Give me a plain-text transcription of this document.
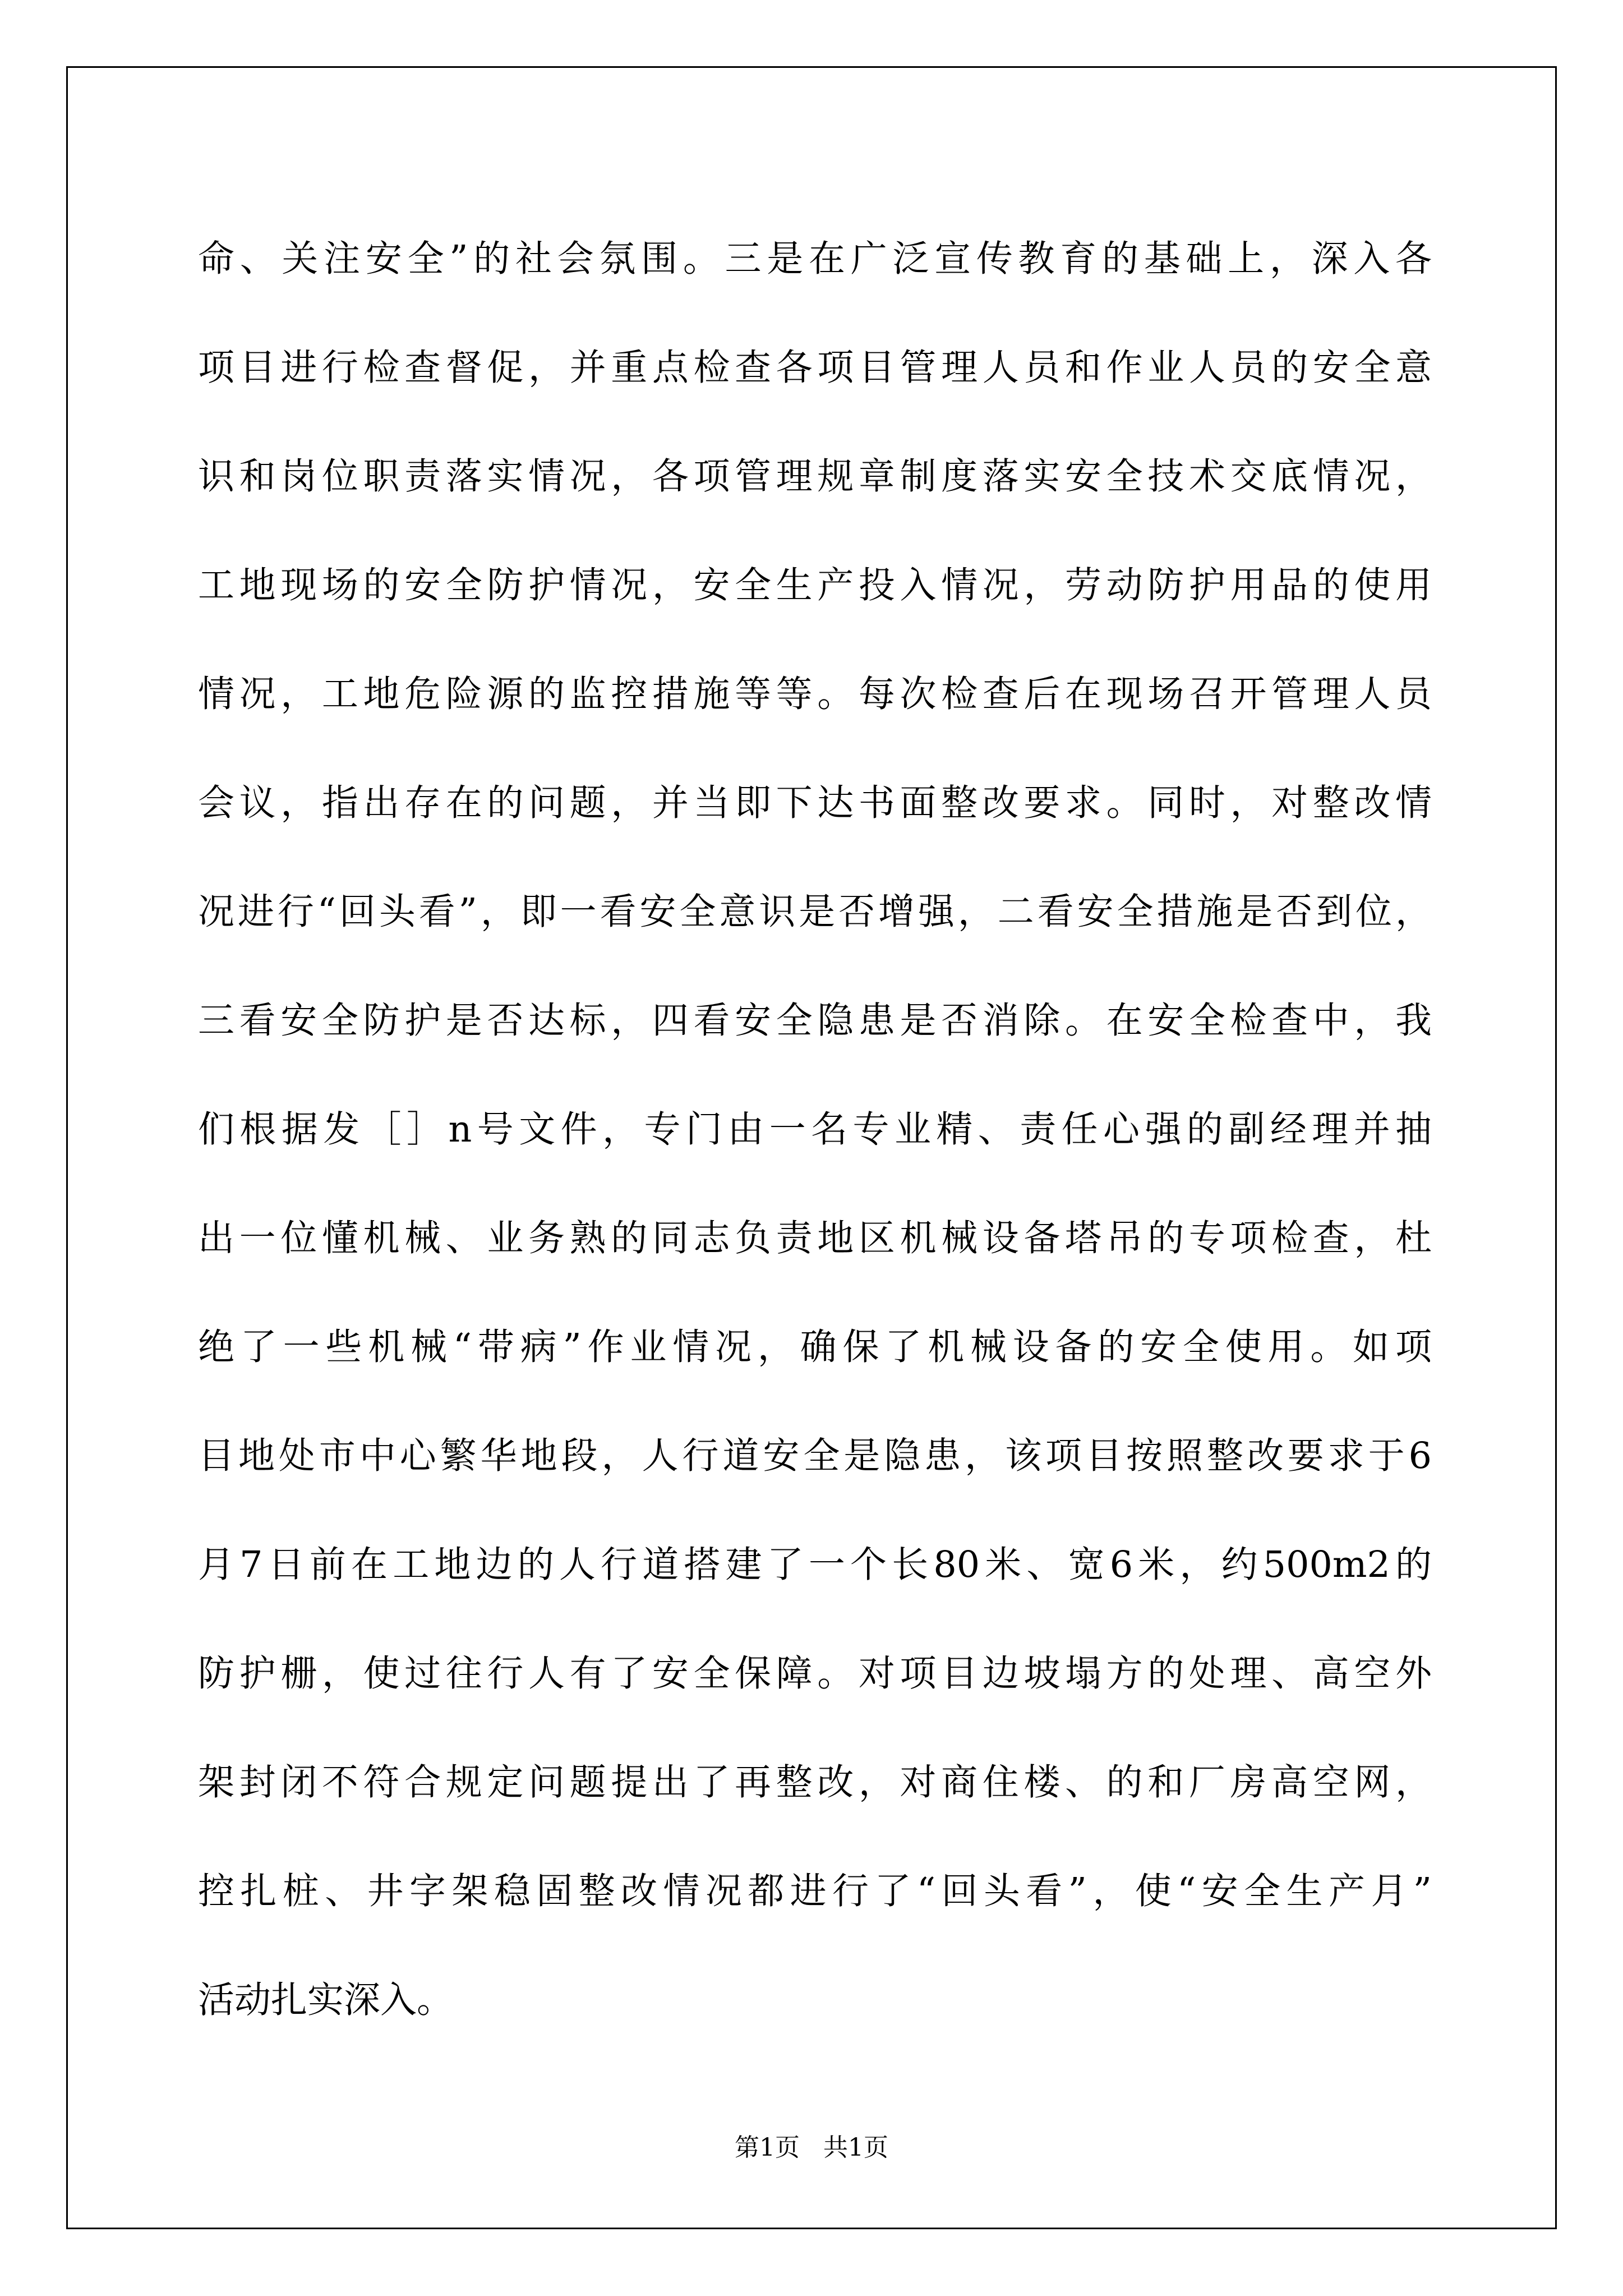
命、关注安全”的社会氛围。三是在广泛宣传教育的基础上，深入各
项目进行检查督促，并重点检查各项目管理人员和作业人员的安全意
识和岗位职责落实情况，各项管理规章制度落实安全技术交底情况，
工地现场的安全防护情况，安全生产投入情况，劳动防护用品的使用
情况，工地危险源的监控措施等等。每次检查后在现场召开管理人员
会议，指出存在的问题，并当即下达书面整改要求。同时，对整改情
况进行“回头看”，即一看安全意识是否增强，二看安全措施是否到位，
三看安全防护是否达标，四看安全隐患是否消除。在安全检查中，我
们根据发［］n号文件，专门由一名专业精、责任心强的副经理并抽
出一位懂机械、业务熟的同志负责地区机械设备塔吊的专项检查，杜
绝了一些机械“带病”作业情况，确保了机械设备的安全使用。如项
目地处市中心繁华地段，人行道安全是隐患，该项目按照整改要求于6
月7日前在工地边的人行道搭建了一个长80米、宽6米，约500m2的
防护栅，使过往行人有了安全保障。对项目边坡塌方的处理、高空外
架封闭不符合规定问题提出了再整改，对商住楼、的和厂房高空网，
控扎桩、井字架稳固整改情况都进行了“回头看”，使“安全生产月”
活动扎实深入。
第1页   共1页
